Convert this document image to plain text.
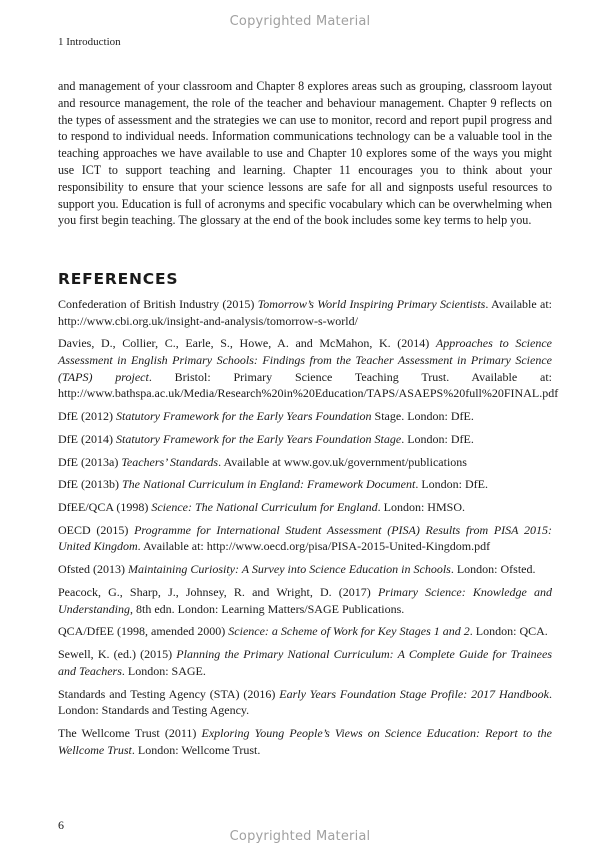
Copyrighted Material
1 Introduction

and management of your classroom and Chapter 8 explores areas such as grouping, classroom layout and resource management, the role of the teacher and behaviour management. Chapter 9 reflects on the types of assessment and the strategies we can use to monitor, record and report pupil progress and to respond to individual needs. Information communications technology can be a valuable tool in the teaching approaches we have available to use and Chapter 10 explores some of the ways you might use ICT to support teaching and learning. Chapter 11 encourages you to think about your responsibility to ensure that your science lessons are safe for all and signposts useful resources to support you. Education is full of acronyms and specific vocabulary which can be overwhelming when you first begin teaching. The glossary at the end of the book includes some key terms to help you.

REFERENCES

Confederation of British Industry (2015) Tomorrow’s World Inspiring Primary Scientists. Available at: http://www.cbi.org.uk/insight-and-analysis/tomorrow-s-world/

Davies, D., Collier, C., Earle, S., Howe, A. and McMahon, K. (2014) Approaches to Science Assessment in English Primary Schools: Findings from the Teacher Assessment in Primary Science (TAPS) project. Bristol: Primary Science Teaching Trust. Available at: http://www.bathspa.ac.uk/Media/Research%20in%20Education/TAPS/ASAEPS%20full%20FINAL.pdf

DfE (2012) Statutory Framework for the Early Years Foundation Stage. London: DfE.

DfE (2014) Statutory Framework for the Early Years Foundation Stage. London: DfE.

DfE (2013a) Teachers’ Standards. Available at www.gov.uk/government/publications

DfE (2013b) The National Curriculum in England: Framework Document. London: DfE.

DfEE/QCA (1998) Science: The National Curriculum for England. London: HMSO.

OECD (2015) Programme for International Student Assessment (PISA) Results from PISA 2015: United Kingdom. Available at: http://www.oecd.org/pisa/PISA-2015-United-Kingdom.pdf

Ofsted (2013) Maintaining Curiosity: A Survey into Science Education in Schools. London: Ofsted.

Peacock, G., Sharp, J., Johnsey, R. and Wright, D. (2017) Primary Science: Knowledge and Understanding, 8th edn. London: Learning Matters/SAGE Publications.

QCA/DfEE (1998, amended 2000) Science: a Scheme of Work for Key Stages 1 and 2. London: QCA.

Sewell, K. (ed.) (2015) Planning the Primary National Curriculum: A Complete Guide for Trainees and Teachers. London: SAGE.

Standards and Testing Agency (STA) (2016) Early Years Foundation Stage Profile: 2017 Handbook. London: Standards and Testing Agency.

The Wellcome Trust (2011) Exploring Young People’s Views on Science Education: Report to the Wellcome Trust. London: Wellcome Trust.

6
Copyrighted Material
